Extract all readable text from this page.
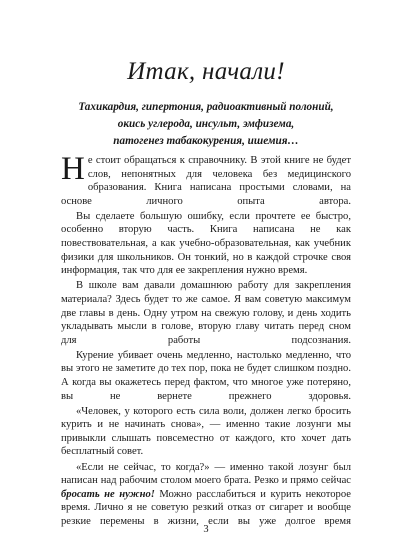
Итак, начали!
Тахикардия, гипертония, радиоактивный полоний,
окись углерода, инсульт, эмфизема,
патогенез табакокурения, ишемия…

Не стоит обращаться к справочнику. В этой книге не будет слов, непонятных для человека без медицинского образования. Книга написана простыми словами, на основе личного опыта автора.

Вы сделаете большую ошибку, если прочтете ее быстро, особенно вторую часть. Книга написана не как повествовательная, а как учебно-образовательная, как учебник физики для школьников. Он тонкий, но в каждой строчке своя информация, так что для ее закрепления нужно время.

В школе вам давали домашнюю работу для закрепления материала? Здесь будет то же самое. Я вам советую максимум две главы в день. Одну утром на свежую голову, и день ходить укладывать мысли в голове, вторую главу читать перед сном для работы подсознания.

Курение убивает очень медленно, настолько медленно, что вы этого не заметите до тех пор, пока не будет слишком поздно. А когда вы окажетесь перед фактом, что многое уже потеряно, вы не вернете прежнего здоровья.

«Человек, у которого есть сила воли, должен легко бросить курить и не начинать снова», — именно такие лозунги мы привыкли слышать повсеместно от каждого, кто хочет дать бесплатный совет.

«Если не сейчас, то когда?» — именно такой лозунг был написан над рабочим столом моего брата. Резко и прямо сейчас бросать не нужно! Можно расслабиться и курить некоторое время. Лично я не советую резкий отказ от сигарет и вообще резкие перемены в жизни, если вы уже долгое время

3
